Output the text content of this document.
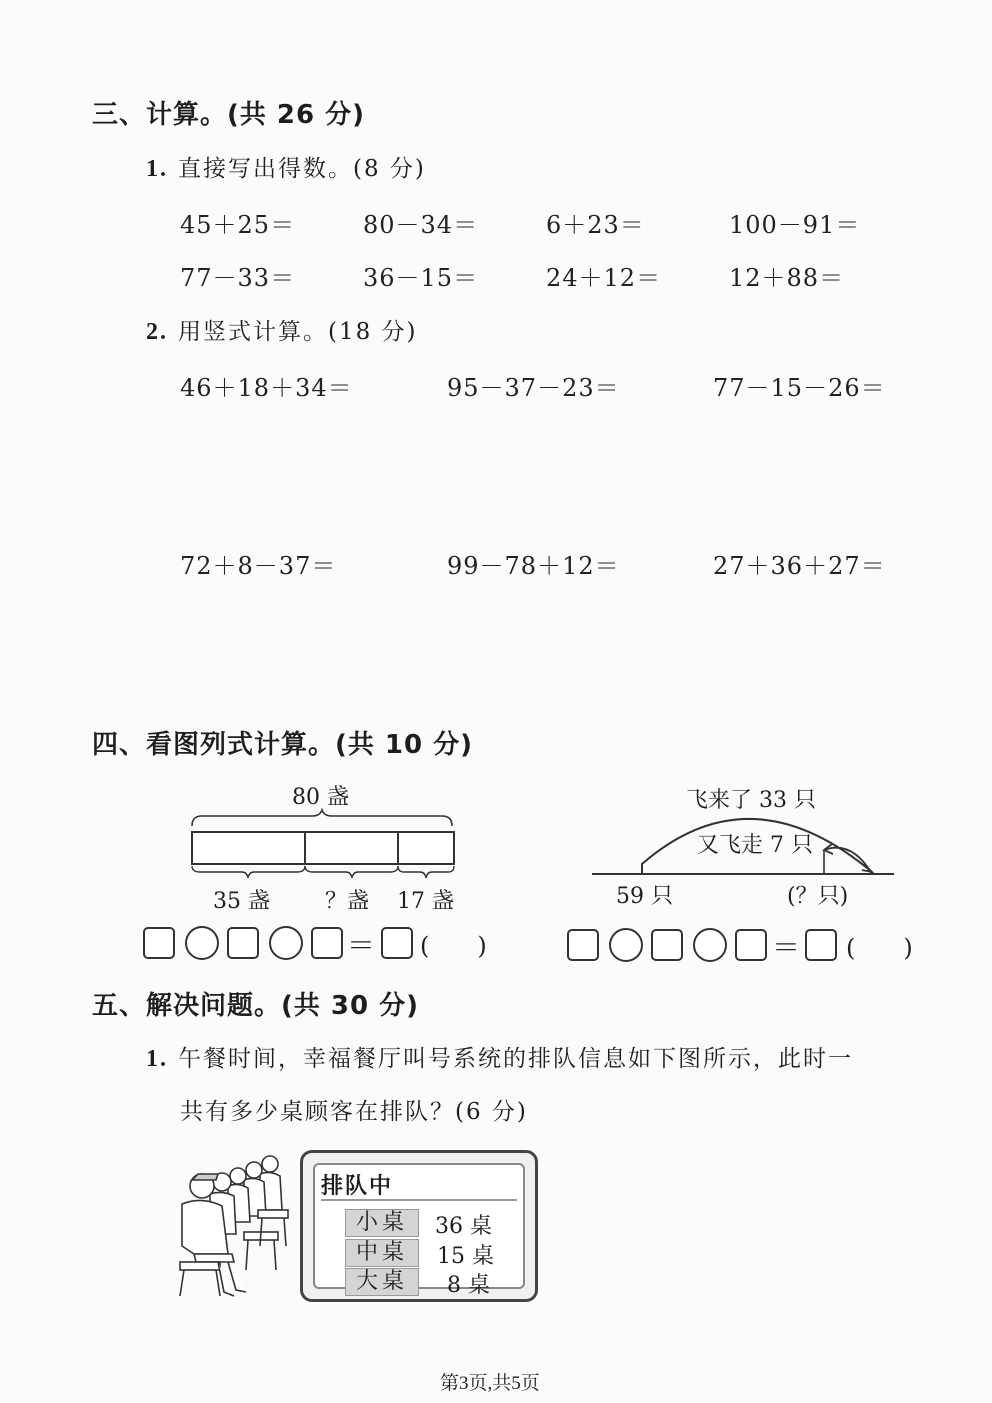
三、计算。(共 26 分)
1. 直接写出得数。(8 分)
45＋25＝	80－34＝	6＋23＝	100－91＝
77－33＝	36－15＝	24＋12＝	12＋88＝
2. 用竖式计算。(18 分)
46＋18＋34＝	95－37－23＝	77－15－26＝
72＋8－37＝	99－78＋12＝	27＋36＋27＝
四、看图列式计算。(共 10 分)
80 盏
35 盏	？盏 17 盏
＝ (　　)
飞来了 33 只
又飞走 7 只
59 只	(？只)
＝ (　　)
五、解决问题。(共 30 分)
1. 午餐时间，幸福餐厅叫号系统的排队信息如下图所示，此时一
共有多少桌顾客在排队？(6 分)
排队中
小桌	36 桌
中桌	15 桌
大桌	8 桌
第3页,共5页
